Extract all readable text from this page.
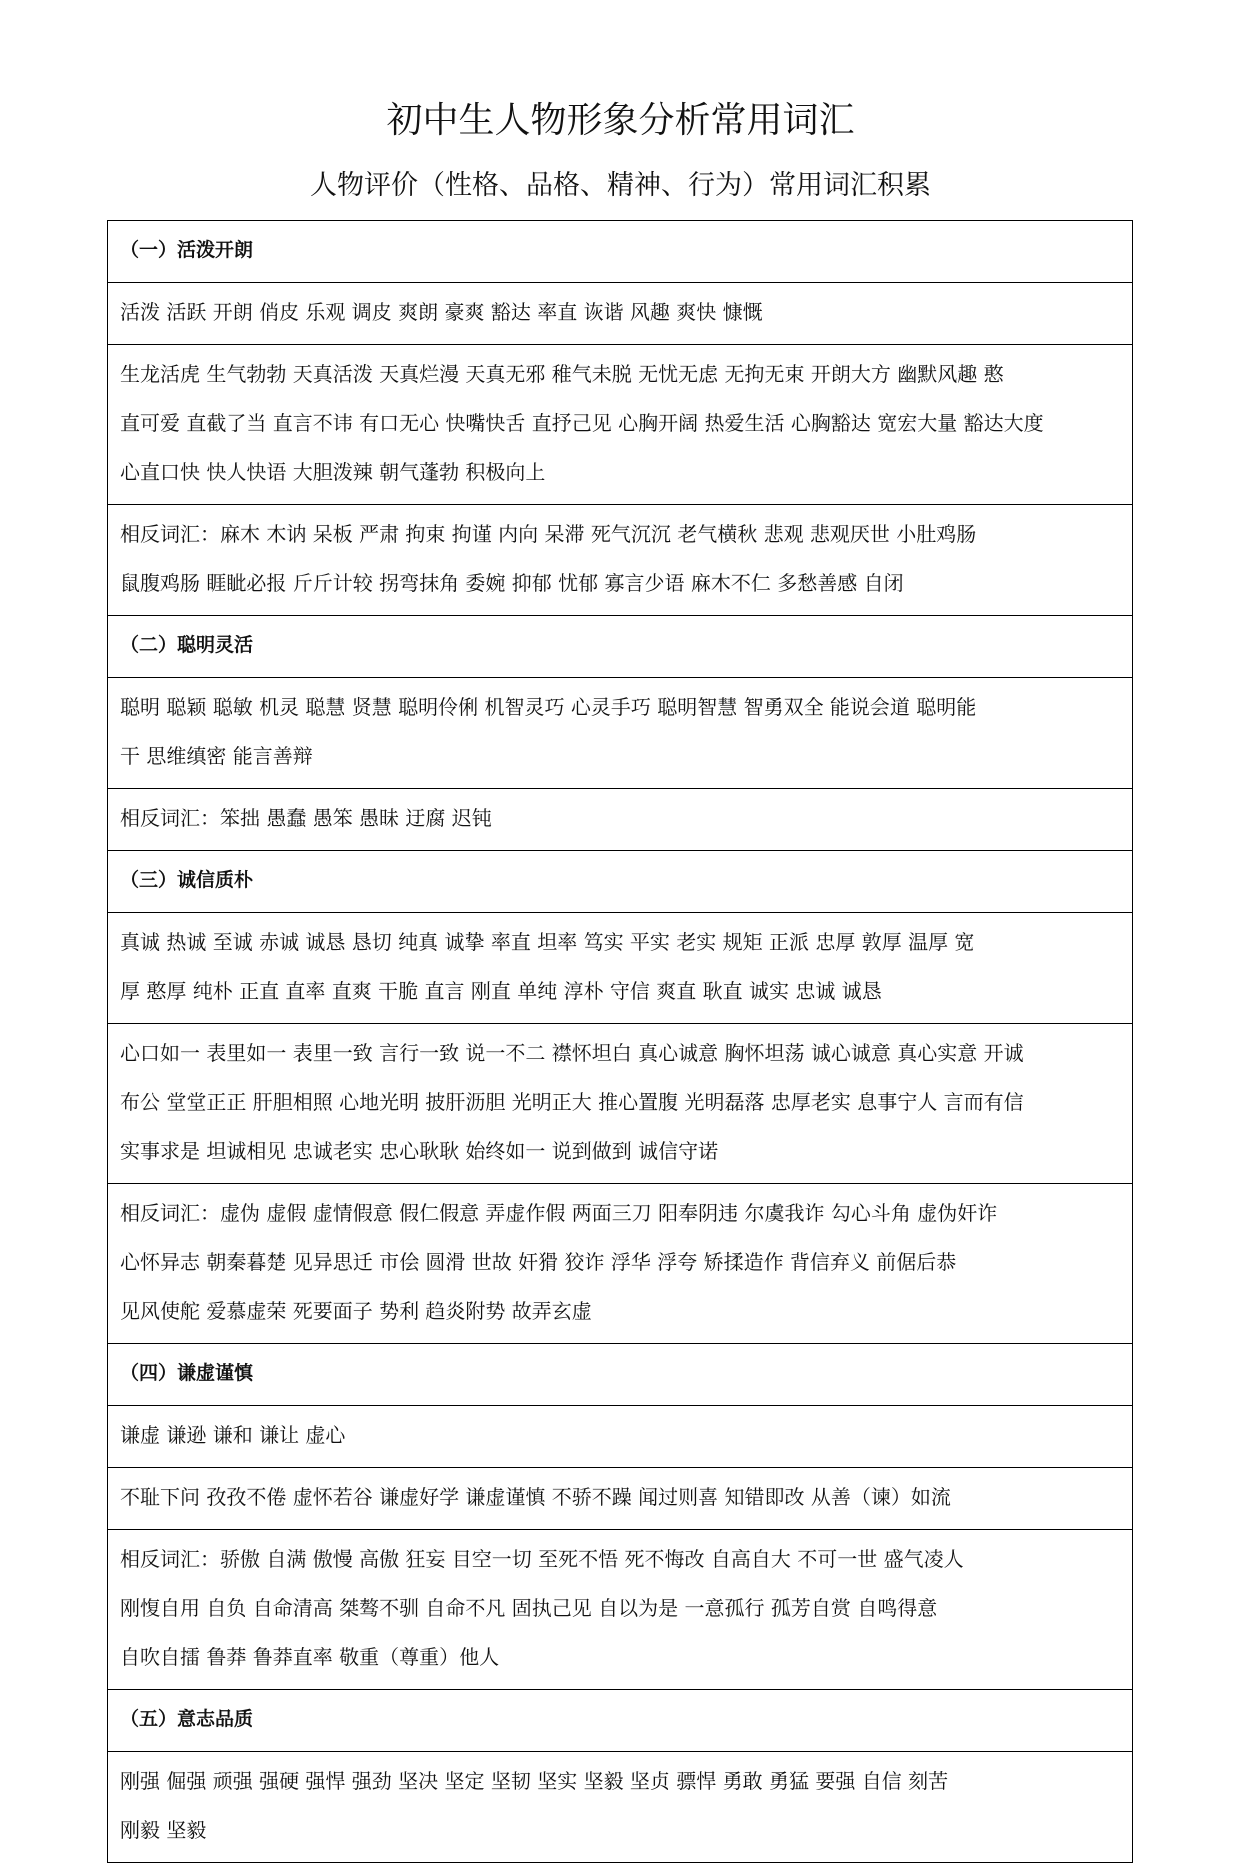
初中生人物形象分析常用词汇
人物评价（性格、品格、精神、行为）常用词汇积累
（一）活泼开朗
活泼 活跃 开朗 俏皮 乐观 调皮 爽朗 豪爽 豁达 率直 诙谐 风趣 爽快 慷慨
生龙活虎 生气勃勃 天真活泼 天真烂漫 天真无邪 稚气未脱 无忧无虑 无拘无束 开朗大方 幽默风趣 憨
直可爱 直截了当 直言不讳 有口无心 快嘴快舌 直抒己见 心胸开阔 热爱生活 心胸豁达 宽宏大量 豁达大度
心直口快 快人快语 大胆泼辣 朝气蓬勃 积极向上
相反词汇：麻木 木讷 呆板 严肃 拘束 拘谨 内向 呆滞 死气沉沉 老气横秋 悲观 悲观厌世 小肚鸡肠
鼠腹鸡肠 睚眦必报 斤斤计较 拐弯抹角 委婉 抑郁 忧郁 寡言少语 麻木不仁 多愁善感 自闭
（二）聪明灵活
聪明 聪颖 聪敏 机灵 聪慧 贤慧 聪明伶俐 机智灵巧 心灵手巧 聪明智慧 智勇双全 能说会道 聪明能
干 思维缜密 能言善辩
相反词汇：笨拙 愚蠢 愚笨 愚昧 迂腐 迟钝
（三）诚信质朴
真诚 热诚 至诚 赤诚 诚恳 恳切 纯真 诚挚 率直 坦率 笃实 平实 老实 规矩 正派 忠厚 敦厚 温厚 宽
厚 憨厚 纯朴 正直 直率 直爽 干脆 直言 刚直 单纯 淳朴 守信 爽直 耿直 诚实 忠诚 诚恳
心口如一 表里如一 表里一致 言行一致 说一不二 襟怀坦白 真心诚意 胸怀坦荡 诚心诚意 真心实意 开诚
布公 堂堂正正 肝胆相照 心地光明 披肝沥胆 光明正大 推心置腹 光明磊落 忠厚老实 息事宁人 言而有信
实事求是 坦诚相见 忠诚老实 忠心耿耿 始终如一 说到做到 诚信守诺
相反词汇：虚伪 虚假 虚情假意 假仁假意 弄虚作假 两面三刀 阳奉阴违 尔虞我诈 勾心斗角 虚伪奸诈
心怀异志 朝秦暮楚 见异思迁 市侩 圆滑 世故 奸猾 狡诈 浮华 浮夸 矫揉造作 背信弃义 前倨后恭
见风使舵 爱慕虚荣 死要面子 势利 趋炎附势 故弄玄虚
（四）谦虚谨慎
谦虚 谦逊 谦和 谦让 虚心
不耻下问 孜孜不倦 虚怀若谷 谦虚好学 谦虚谨慎 不骄不躁 闻过则喜 知错即改 从善（谏）如流
相反词汇：骄傲 自满 傲慢 高傲 狂妄 目空一切 至死不悟 死不悔改 自高自大 不可一世 盛气凌人
刚愎自用 自负 自命清高 桀骜不驯 自命不凡 固执己见 自以为是 一意孤行 孤芳自赏 自鸣得意
自吹自擂 鲁莽 鲁莽直率 敬重（尊重）他人
（五）意志品质
刚强 倔强 顽强 强硬 强悍 强劲 坚决 坚定 坚韧 坚实 坚毅 坚贞 骠悍 勇敢 勇猛 要强 自信 刻苦
刚毅 坚毅
